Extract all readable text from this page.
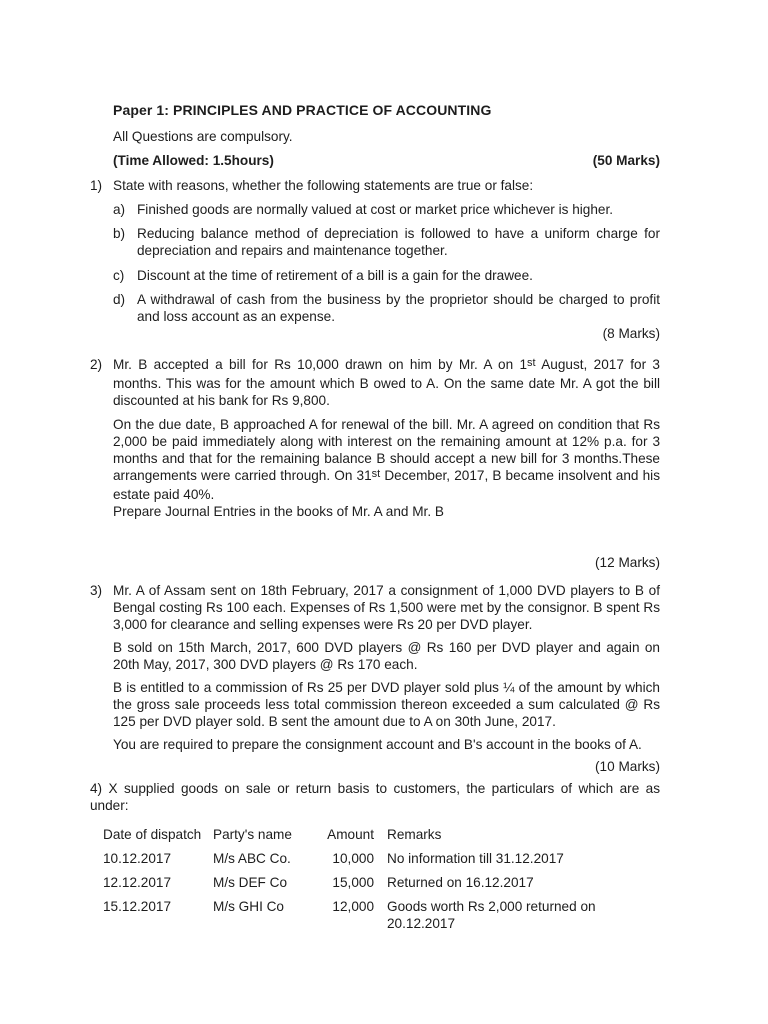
Paper 1: PRINCIPLES AND PRACTICE OF ACCOUNTING
All Questions are compulsory.
(Time Allowed: 1.5hours)	(50 Marks)
1) State with reasons, whether the following statements are true or false:
a) Finished goods are normally valued at cost or market price whichever is higher.
b) Reducing balance method of depreciation is followed to have a uniform charge for depreciation and repairs and maintenance together.
c) Discount at the time of retirement of a bill is a gain for the drawee.
d) A withdrawal of cash from the business by the proprietor should be charged to profit and loss account as an expense.
(8 Marks)
2) Mr. B accepted a bill for Rs 10,000 drawn on him by Mr. A on 1st August, 2017 for 3 months. This was for the amount which B owed to A. On the same date Mr. A got the bill discounted at his bank for Rs 9,800.
On the due date, B approached A for renewal of the bill. Mr. A agreed on condition that Rs 2,000 be paid immediately along with interest on the remaining amount at 12% p.a. for 3 months and that for the remaining balance B should accept a new bill for 3 months.These arrangements were carried through. On 31st December, 2017, B became insolvent and his estate paid 40%.
Prepare Journal Entries in the books of Mr. A and Mr. B
(12 Marks)
3) Mr. A of Assam sent on 18th February, 2017 a consignment of 1,000 DVD players to B of Bengal costing Rs 100 each. Expenses of Rs 1,500 were met by the consignor. B spent Rs 3,000 for clearance and selling expenses were Rs 20 per DVD player.
B sold on 15th March, 2017, 600 DVD players @ Rs 160 per DVD player and again on 20th May, 2017, 300 DVD players @ Rs 170 each.
B is entitled to a commission of Rs 25 per DVD player sold plus ¼ of the amount by which the gross sale proceeds less total commission thereon exceeded a sum calculated @ Rs 125 per DVD player sold. B sent the amount due to A on 30th June, 2017.
You are required to prepare the consignment account and B's account in the books of A.
(10 Marks)
4) X supplied goods on sale or return basis to customers, the particulars of which are as under:
Date of dispatch Party's name	Amount Remarks
10.12.2017	M/s ABC Co.	10,000 No information till 31.12.2017
12.12.2017	M/s DEF Co	15,000 Returned on 16.12.2017
15.12.2017	M/s GHI Co	12,000 Goods worth Rs 2,000 returned on 20.12.2017
